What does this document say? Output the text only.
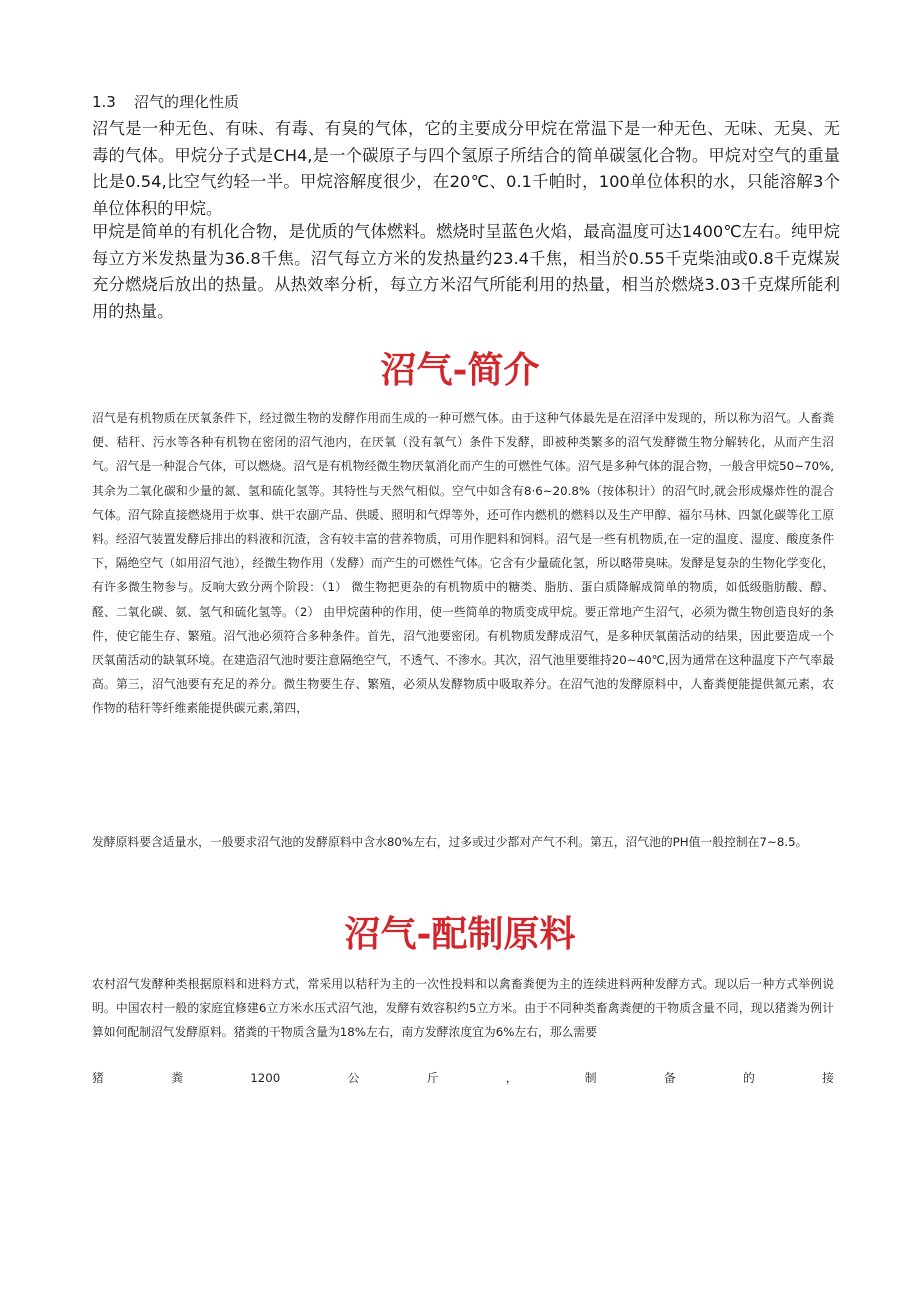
1.3 沼气的理化性质

沼气是一种无色、有味、有毒、有臭的气体，它的主要成分甲烷在常温下是一种无色、无味、无臭、无毒的气体。甲烷分子式是CH4,是一个碳原子与四个氢原子所结合的简单碳氢化合物。甲烷对空气的重量比是0.54,比空气约轻一半。甲烷溶解度很少，在20℃、0.1千帕时，100单位体积的水，只能溶解3个单位体积的甲烷。

甲烷是简单的有机化合物，是优质的气体燃料。燃烧时呈蓝色火焰，最高温度可达1400℃左右。纯甲烷每立方米发热量为36.8千焦。沼气每立方米的发热量约23.4千焦，相当於0.55千克柴油或0.8千克煤炭充分燃烧后放出的热量。从热效率分析，每立方米沼气所能利用的热量，相当於燃烧3.03千克煤所能利用的热量。

沼气-简介

沼气是有机物质在厌氧条件下，经过微生物的发酵作用而生成的一种可燃气体。由于这种气体最先是在沼泽中发现的，所以称为沼气。人畜粪便、秸秆、污水等各种有机物在密闭的沼气池内，在厌氧（没有氧气）条件下发酵，即被种类繁多的沼气发酵微生物分解转化，从而产生沼气。沼气是一种混合气体，可以燃烧。沼气是有机物经微生物厌氧消化而产生的可燃性气体。沼气是多种气体的混合物，一般含甲烷50~70%,其余为二氧化碳和少量的氮、氢和硫化氢等。其特性与天然气相似。空气中如含有8·6~20.8%（按体积计）的沼气时,就会形成爆炸性的混合气体。沼气除直接燃烧用于炊事、烘干农副产品、供暖、照明和气焊等外，还可作内燃机的燃料以及生产甲醇、福尔马林、四氯化碳等化工原料。经沼气装置发酵后排出的料液和沉渣，含有较丰富的营养物质，可用作肥料和饲料。沼气是一些有机物质,在一定的温度、湿度、酸度条件下，隔绝空气（如用沼气池），经微生物作用（发酵）而产生的可燃性气体。它含有少量硫化氢，所以略带臭味。发酵是复杂的生物化学变化，有许多微生物参与。反响大致分两个阶段：（1） 微生物把更杂的有机物质中的糖类、脂肪、蛋白质降解成简单的物质，如低级脂肪酸、醇、醛、二氧化碳、氨、氢气和硫化氢等。（2） 由甲烷菌种的作用，使一些简单的物质变成甲烷。要正常地产生沼气，必须为微生物创造良好的条件，使它能生存、繁殖。沼气池必须符合多种条件。首先，沼气池要密闭。有机物质发酵成沼气，是多种厌氧菌活动的结果，因此要造成一个厌氧菌活动的缺氧环境。在建造沼气池时要注意隔绝空气，不透气、不渗水。其次，沼气池里要维持20~40℃,因为通常在这种温度下产气率最高。第三，沼气池要有充足的养分。微生物要生存、繁殖，必须从发酵物质中吸取养分。在沼气池的发酵原料中，人畜粪便能提供氮元素，农作物的秸秆等纤维素能提供碳元素,第四，

发酵原料要含适量水，一般要求沼气池的发酵原料中含水80%左右，过多或过少都对产气不利。第五，沼气池的PH值一般控制在7~8.5。

沼气-配制原料

农村沼气发酵种类根据原料和进料方式，常采用以秸秆为主的一次性投料和以禽畜粪便为主的连续进料两种发酵方式。现以后一种方式举例说明。中国农村一般的家庭宜修建6立方米水压式沼气池，发酵有效容积约5立方米。由于不同种类畜禽粪便的干物质含量不同，现以猪粪为例计算如何配制沼气发酵原料。猪粪的干物质含量为18%左右，南方发酵浓度宜为6%左右，那么需要

猪	粪	1200	公	斤	，	制	备	的	接
